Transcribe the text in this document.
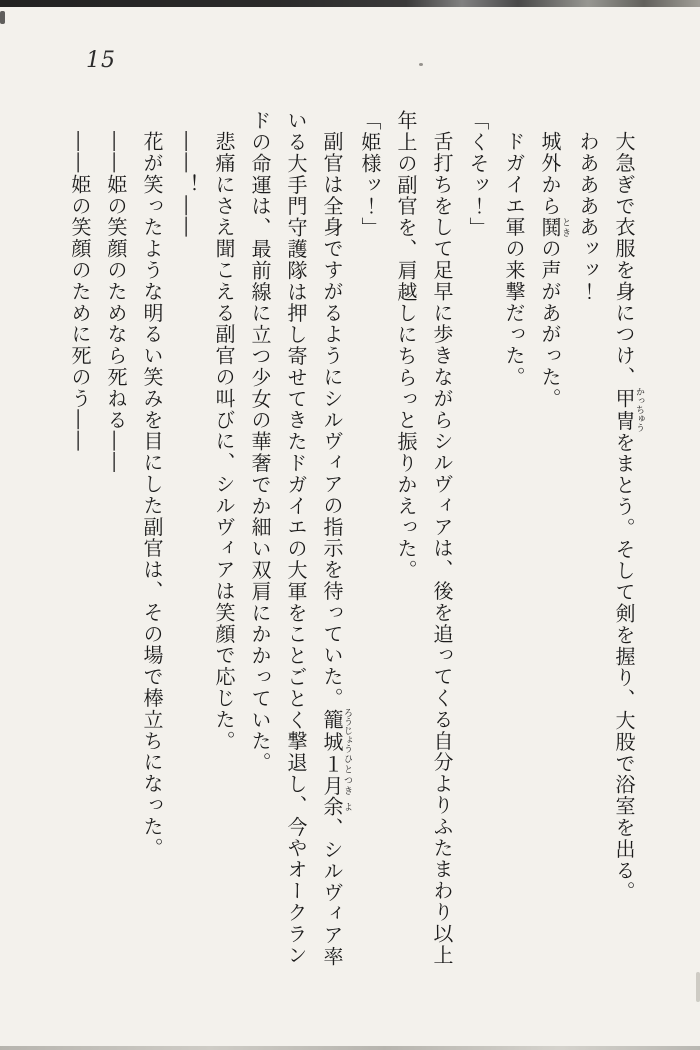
15

大急ぎで衣服を身につけ、甲冑かっちゅうをまとう。そして剣を握り、大股で浴室を出る。

わああああッッ！

城外から鬨ときの声があがった。

ドガイエ軍の来撃だった。

「くそッ！」

舌打ちをして足早に歩きながらシルヴィアは、後を追ってくる自分よりふたまわり以上年上の副官を、肩越しにちらっと振りかえった。

「姫様ッ！」

副官は全身ですがるようにシルヴィアの指示を待っていた。籠城ろうじょう１月ひとつき余よ、シルヴィア率いる大手門守護隊は押し寄せてきたドガイエの大軍をことごとく撃退し、今やオークランドの命運は、最前線に立つ少女の華奢でか細い双肩にかかっていた。

悲痛にさえ聞こえる副官の叫びに、シルヴィアは笑顔で応じた。

――！――

花が笑ったような明るい笑みを目にした副官は、その場で棒立ちになった。

――姫の笑顔のためなら死ねる――

――姫の笑顔のために死のう――
